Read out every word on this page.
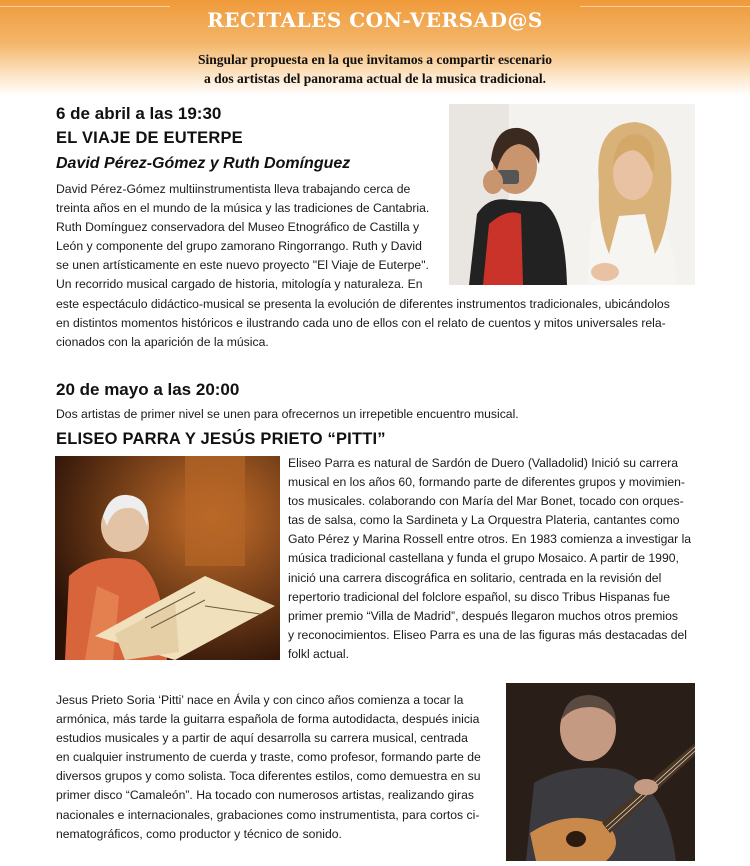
RECITALES CON-VERSAD@S
Singular propuesta en la que invitamos a compartir escenario
a dos artistas del panorama actual de la musica tradicional.
6 de abril a las 19:30
EL VIAJE DE EUTERPE
David Pérez-Gómez y Ruth Domínguez
David Pérez-Gómez multiinstrumentista lleva trabajando cerca de
treinta años en el mundo de la música y las tradiciones de Cantabria.
Ruth Domínguez conservadora del Museo Etnográfico de Castilla y
León y componente del grupo zamorano Ringorrango. Ruth y David
se unen artísticamente en este nuevo proyecto "El Viaje de Euterpe".
Un recorrido musical cargado de historia, mitología y naturaleza. En
este espectáculo didáctico-musical se presenta la evolución de diferentes instrumentos tradicionales, ubicándolos
en distintos momentos históricos e ilustrando cada uno de ellos con el relato de cuentos y mitos universales rela-
cionados con la aparición de la música.
20 de mayo a las 20:00
Dos artistas de primer nivel se unen para ofrecernos un irrepetible encuentro musical.
ELISEO PARRA Y JESÚS PRIETO “PITTI”
Eliseo Parra es natural de Sardón de Duero (Valladolid) Inició su carrera
musical en los años 60, formando parte de diferentes grupos y movimien-
tos musicales. colaborando con María del Mar Bonet, tocado con orques-
tas de salsa, como la Sardineta y La Orquestra Plateria, cantantes como
Gato Pérez y Marina Rossell entre otros. En 1983 comienza a investigar la
música tradicional castellana y funda el grupo Mosaico. A partir de 1990,
inició una carrera discográfica en solitario, centrada en la revisión del
repertorio tradicional del folclore español, su disco Tribus Hispanas fue
primer premio “Villa de Madrid”, después llegaron muchos otros premios
y reconocimientos. Eliseo Parra es una de las figuras más destacadas del
folkl actual.
Jesus Prieto Soria ‘Pitti’ nace en Ávila y con cinco años comienza a tocar la
armónica, más tarde la guitarra española de forma autodidacta, después inicia
estudios musicales y a partir de aquí desarrolla su carrera musical, centrada
en cualquier instrumento de cuerda y traste, como profesor, formando parte de
diversos grupos y como solista. Toca diferentes estilos, como demuestra en su
primer disco “Camaleón”. Ha tocado con numerosos artistas, realizando giras
nacionales e internacionales, grabaciones como instrumentista, para cortos ci-
nematográficos, como productor y técnico de sonido.
